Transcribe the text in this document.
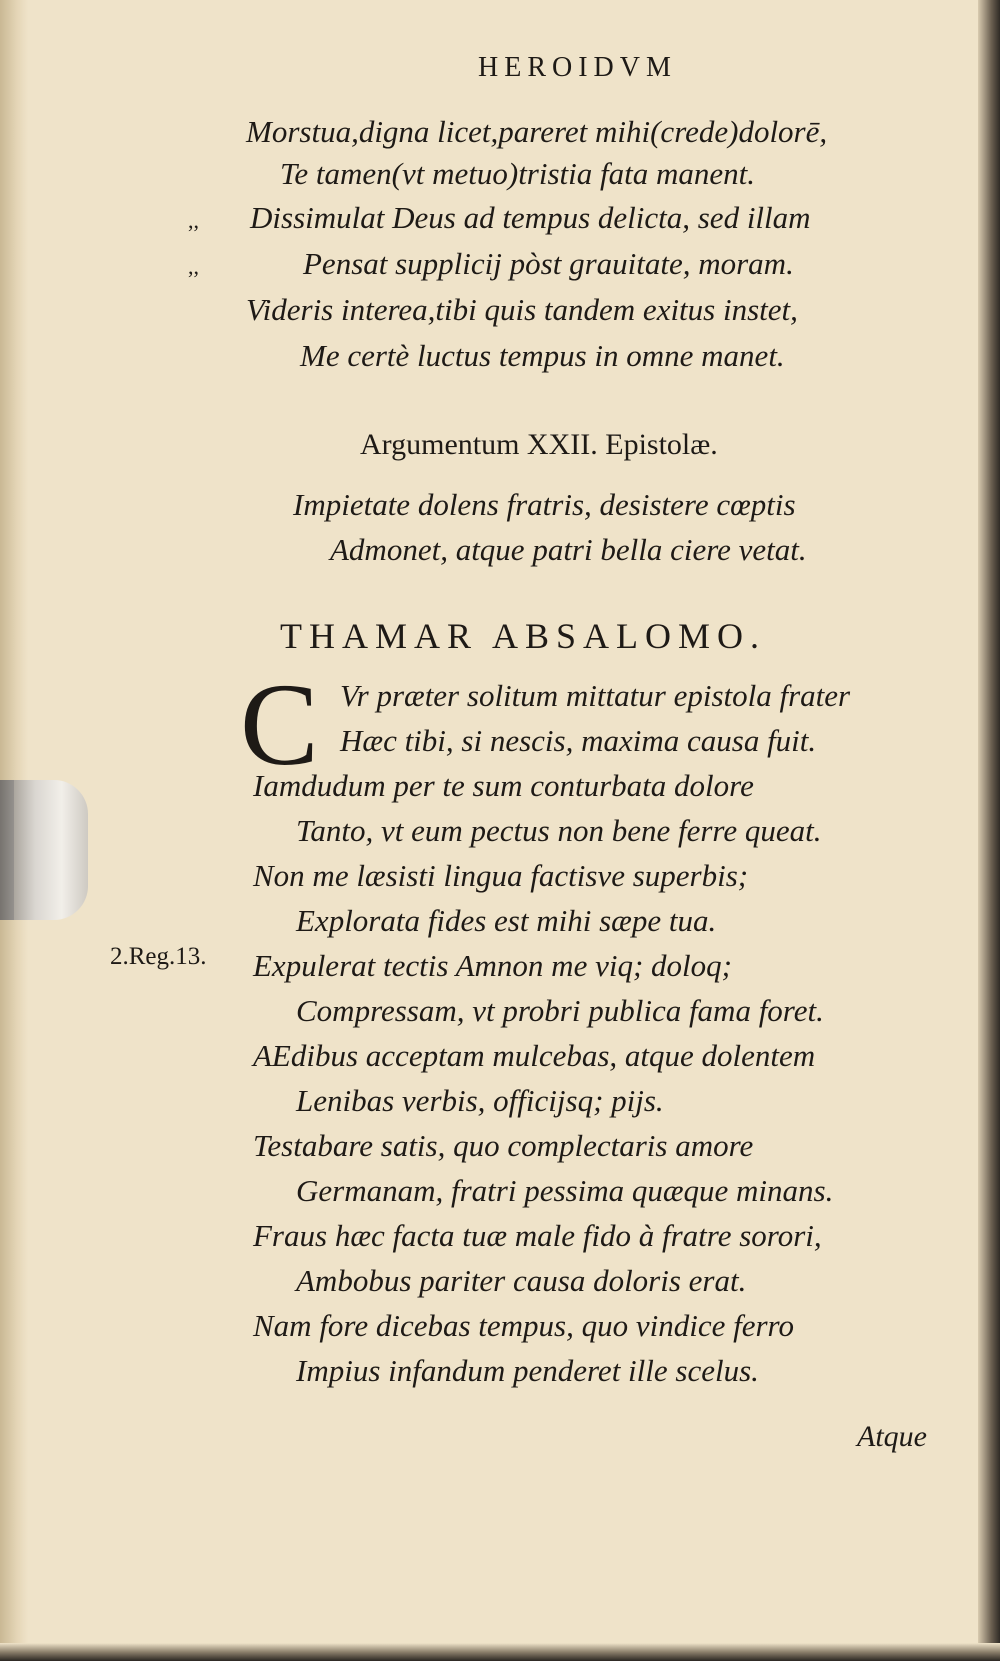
HEROIDVM
Morstua,digna licet,pareret mihi(crede)dolorē,
Te tamen(vt metuo)tristia fata manent.
,, Dissimulat Deus ad tempus delicta, sed illam
,,	Pensat supplicij pòst grauitate, moram.
Videris interea,tibi quis tandem exitus instet,
Me certè luctus tempus in omne manet.
Argumentum XXII. Epistolæ.
Impietate dolens fratris, desistere cœptis
Admonet, atque patri bella ciere vetat.
THAMAR ABSALOMO.
C Vr præter solitum mittatur epistola frater
Hæc tibi, si nescis, maxima causa fuit.
Iamdudum per te sum conturbata dolore
Tanto, vt eum pectus non bene ferre queat.
Non me læsisti lingua factisve superbis;
Explorata fides est mihi sæpe tua.
2.Reg.13. Expulerat tectis Amnon me viq; doloq;
Compressam, vt probri publica fama foret.
AEdibus acceptam mulcebas, atque dolentem
Lenibas verbis, officijsq; pijs.
Testabare satis, quo complectaris amore
Germanam, fratri pessima quæque minans.
Fraus hæc facta tuæ male fido à fratre sorori,
Ambobus pariter causa doloris erat.
Nam fore dicebas tempus, quo vindice ferro
Impius infandum penderet ille scelus.
Atque
